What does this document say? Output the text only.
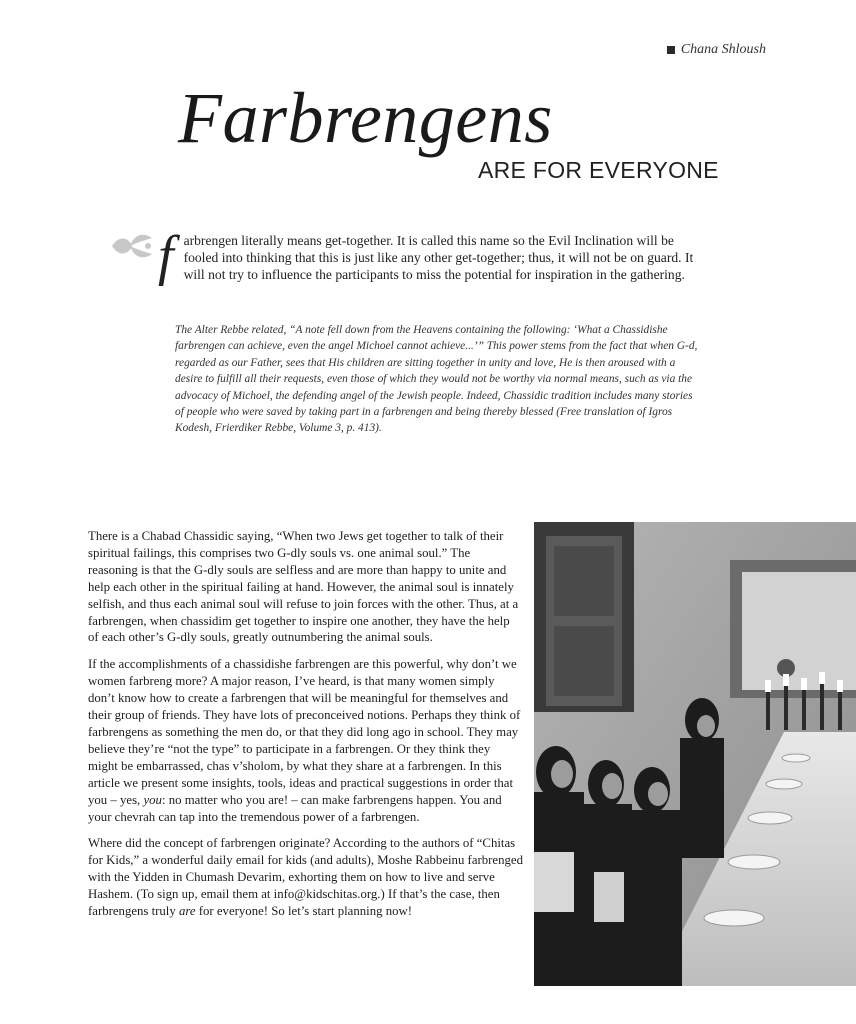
Chana Shloush
Farbrengens
ARE FOR EVERYONE

f arbrengen literally means get-together. It is called this name so the Evil Inclination will be fooled into thinking that this is just like any other get-together; thus, it will not be on guard. It will not try to influence the participants to miss the potential for inspiration in the gathering.

The Alter Rebbe related, “A note fell down from the Heavens containing the following: ‘What a Chassidishe farbrengen can achieve, even the angel Michoel cannot achieve...’” This power stems from the fact that when G-d, regarded as our Father, sees that His children are sitting together in unity and love, He is then aroused with a desire to fulfill all their requests, even those of which they would not be worthy via normal means, such as via the advocacy of Michoel, the defending angel of the Jewish people. Indeed, Chassidic tradition includes many stories of people who were saved by taking part in a farbrengen and being thereby blessed (Free translation of Igros Kodesh, Frierdiker Rebbe, Volume 3, p. 413).

There is a Chabad Chassidic saying, “When two Jews get together to talk of their spiritual failings, this comprises two G-dly souls vs. one animal soul.” The reasoning is that the G-dly souls are selfless and are more than happy to unite and help each other in the spiritual failing at hand. However, the animal soul is innately selfish, and thus each animal soul will refuse to join forces with the other. Thus, at a farbrengen, when chassidim get together to inspire one another, they have the help of each other’s G-dly souls, greatly outnumbering the animal souls.

If the accomplishments of a chassidishe farbrengen are this powerful, why don’t we women farbreng more? A major reason, I’ve heard, is that many women simply don’t know how to create a farbrengen that will be meaningful for themselves and their group of friends. They have lots of preconceived notions. Perhaps they think of farbrengens as something the men do, or that they did long ago in school. They may believe they’re “not the type” to participate in a farbrengen. Or they think they might be embarrassed, chas v’sholom, by what they share at a farbrengen. In this article we present some insights, tools, ideas and practical suggestions in order that you – yes, you: no matter who you are! – can make farbrengens happen. You and your chevrah can tap into the tremendous power of a farbrengen.

Where did the concept of farbrengen originate? According to the authors of “Chitas for Kids,” a wonderful daily email for kids (and adults), Moshe Rabbeinu farbrenged with the Yidden in Chumash Devarim, exhorting them on how to live and serve Hashem. (To sign up, email them at info@kidschitas.org.) If that’s the case, then farbrengens truly are for everyone! So let’s start planning now!
